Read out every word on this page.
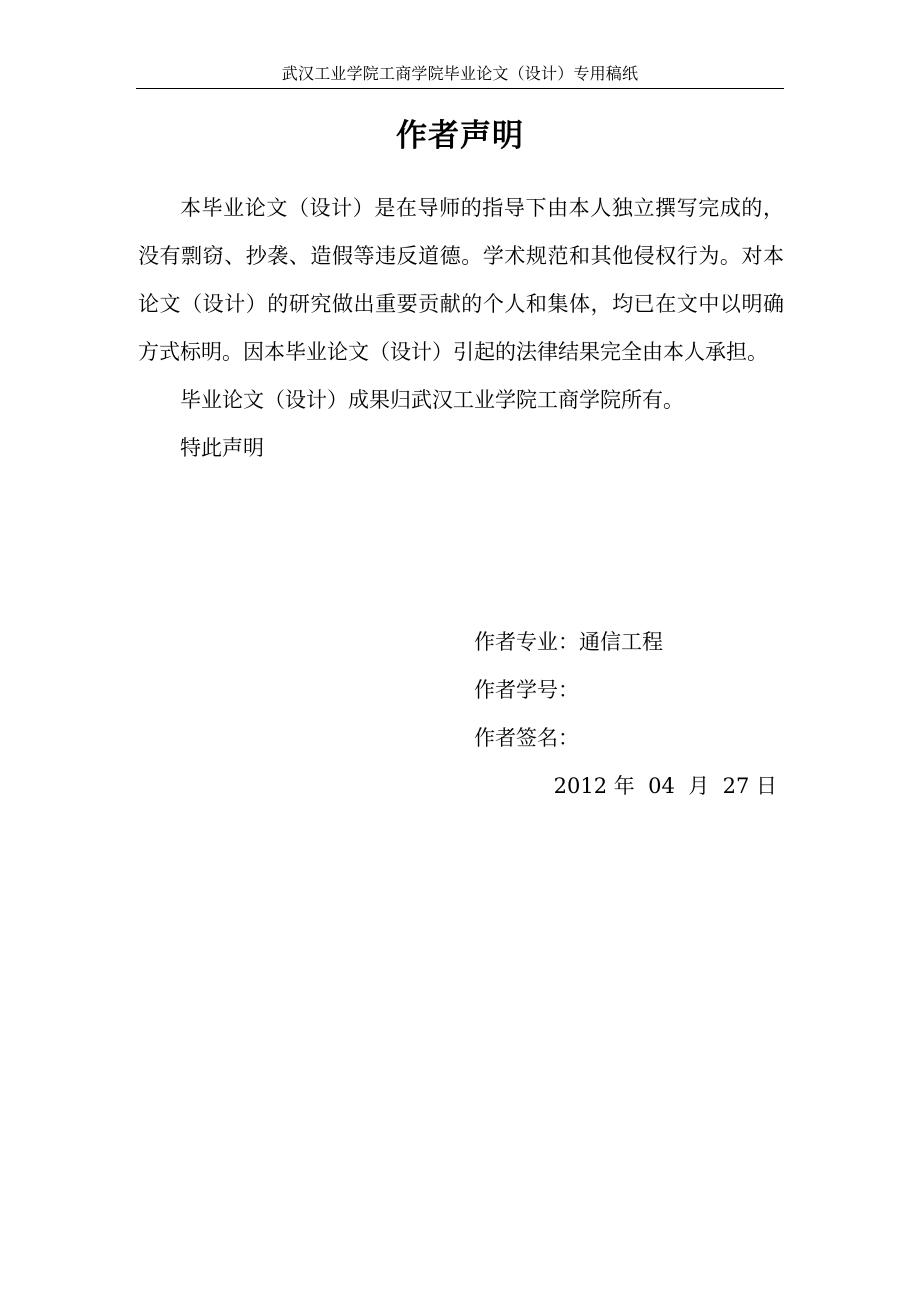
武汉工业学院工商学院毕业论文（设计）专用稿纸
作者声明

本毕业论文（设计）是在导师的指导下由本人独立撰写完成的，没有剽窃、抄袭、造假等违反道德。学术规范和其他侵权行为。对本论文（设计）的研究做出重要贡献的个人和集体，均已在文中以明确方式标明。因本毕业论文（设计）引起的法律结果完全由本人承担。

毕业论文（设计）成果归武汉工业学院工商学院所有。

特此声明

作者专业：通信工程
作者学号：
作者签名：
2012 年 04 月 27 日
